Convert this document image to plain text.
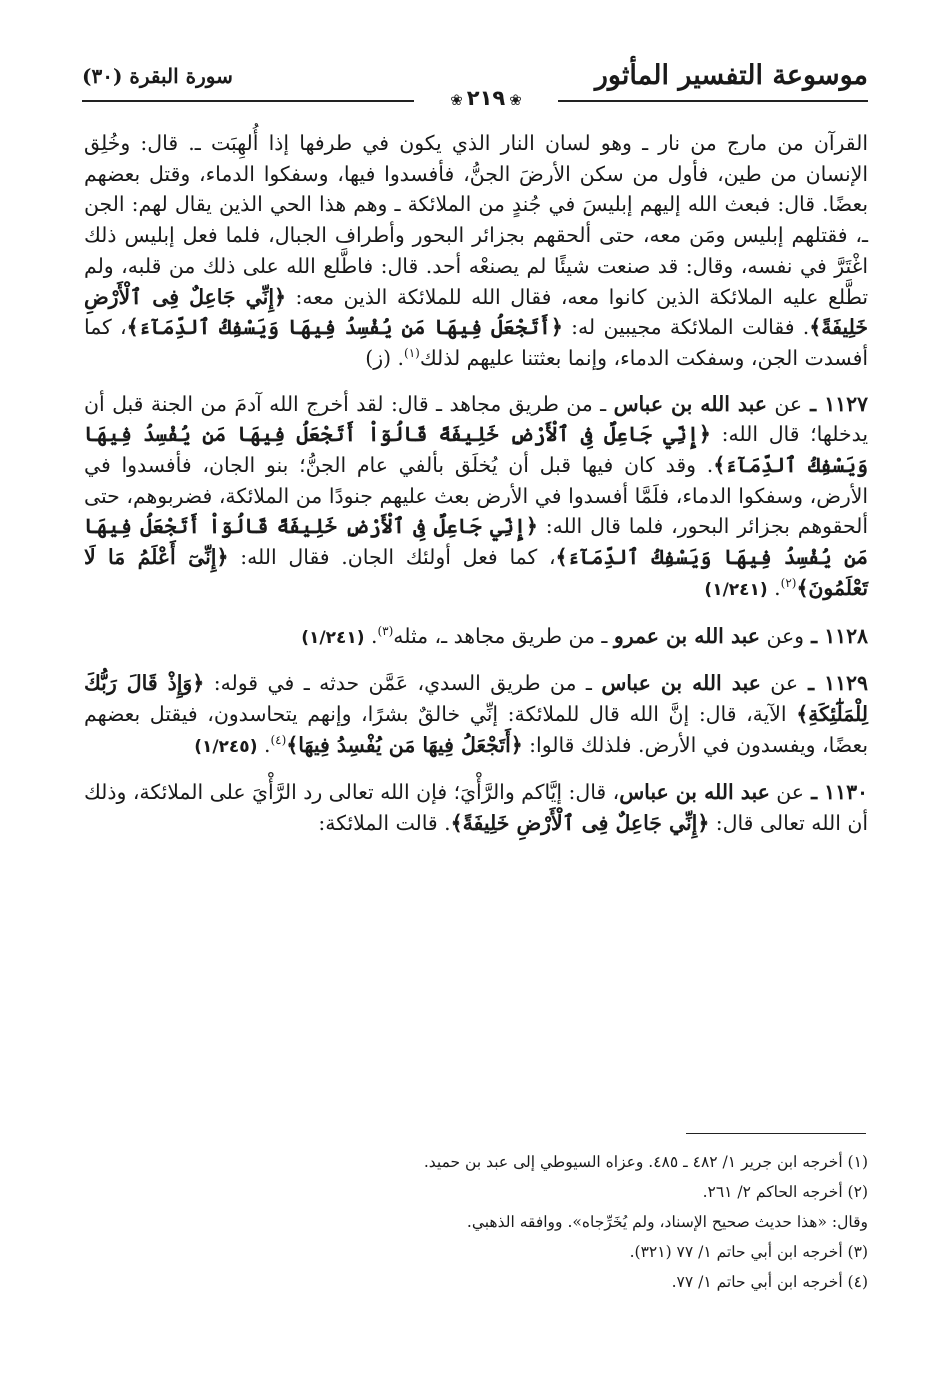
موسوعة التفسير المأثور
❀٢١٩❀
سورة البقرة (٣٠)

القرآن من مارج من نار ـ وهو لسان النار الذي يكون في طرفها إذا أُلهِبَت ـ. قال: وخُلِق الإنسان من طين، فأول من سكن الأرضَ الجنُّ، فأفسدوا فيها، وسفكوا الدماء، وقتل بعضهم بعضًا. قال: فبعث الله إليهم إبليسَ في جُندٍ من الملائكة ـ وهم هذا الحي الذين يقال لهم: الجن ـ، فقتلهم إبليس ومَن معه، حتى ألحقهم بجزائر البحور وأطراف الجبال، فلما فعل إبليس ذلك اغْتَرَّ في نفسه، وقال: قد صنعت شيئًا لم يصنعْه أحد. قال: فاطَّلع الله على ذلك من قلبه، ولم تطَّلع عليه الملائكة الذين كانوا معه، فقال الله للملائكة الذين معه: ﴿إِنِّي جَاعِلٌ فِى ٱلْأَرْضِ خَلِيفَةً﴾. فقالت الملائكة مجيبين له: ﴿أَتَجْعَلُ فِيهَا مَن يُفْسِدُ فِيهَا وَيَسْفِكُ ٱلدِّمَآءَ﴾، كما أفسدت الجن، وسفكت الدماء، وإنما بعثتنا عليهم لذلك$^{(١)}$. (ز)

١١٢٧ ـ عن عبد الله بن عباس ـ من طريق مجاهد ـ قال: لقد أخرج الله آدمَ من الجنة قبل أن يدخلها؛ قال الله: ﴿إِنِّي جَاعِلٌ فِى ٱلْأَرْضِ خَلِيفَةً قَالُوٓاْ أَتَجْعَلُ فِيهَا مَن يُفْسِدُ فِيهَا وَيَسْفِكُ ٱلدِّمَآءَ﴾. وقد كان فيها قبل أن يُخلَق بألفي عام الجنُّ؛ بنو الجان، فأفسدوا في الأرض، وسفكوا الدماء، فلَمَّا أفسدوا في الأرض بعث عليهم جنودًا من الملائكة، فضربوهم، حتى ألحقوهم بجزائر البحور، فلما قال الله: ﴿إِنِّي جَاعِلٌ فِى ٱلْأَرْضِ خَلِيفَةً قَالُوٓاْ أَتَجْعَلُ فِيهَا مَن يُفْسِدُ فِيهَا وَيَسْفِكُ ٱلدِّمَآءَ﴾، كما فعل أولئك الجان. فقال الله: ﴿إِنِّىٓ أَعْلَمُ مَا لَا تَعْلَمُونَ﴾$^{(٢)}$. (١/٢٤١)

١١٢٨ ـ وعن عبد الله بن عمرو ـ من طريق مجاهد ـ، مثله$^{(٣)}$. (١/٢٤١)

١١٢٩ ـ عن عبد الله بن عباس ـ من طريق السدي، عَمَّن حدثه ـ في قوله: ﴿وَإِذْ قَالَ رَبُّكَ لِلْمَلَٰٓئِكَةِ﴾ الآية، قال: إنَّ الله قال للملائكة: إنِّي خالقٌ بشرًا، وإنهم يتحاسدون، فيقتل بعضهم بعضًا، ويفسدون في الأرض. فلذلك قالوا: ﴿أَتَجْعَلُ فِيهَا مَن يُفْسِدُ فِيهَا﴾$^{(٤)}$. (١/٢٤٥)

١١٣٠ ـ عن عبد الله بن عباس، قال: إيَّاكم والرَّأْيَ؛ فإن الله تعالى رد الرَّأْيَ على الملائكة، وذلك أن الله تعالى قال: ﴿إِنِّي جَاعِلٌ فِى ٱلْأَرْضِ خَلِيفَةً﴾. قالت الملائكة:

(١) أخرجه ابن جرير ١/ ٤٨٢ ـ ٤٨٥. وعزاه السيوطي إلى عبد بن حميد.

(٢) أخرجه الحاكم ٢/ ٢٦١.

وقال: «هذا حديث صحيح الإسناد، ولم يُخَرِّجاه». ووافقه الذهبي.

(٣) أخرجه ابن أبي حاتم ١/ ٧٧ (٣٢١).

(٤) أخرجه ابن أبي حاتم ١/ ٧٧.
